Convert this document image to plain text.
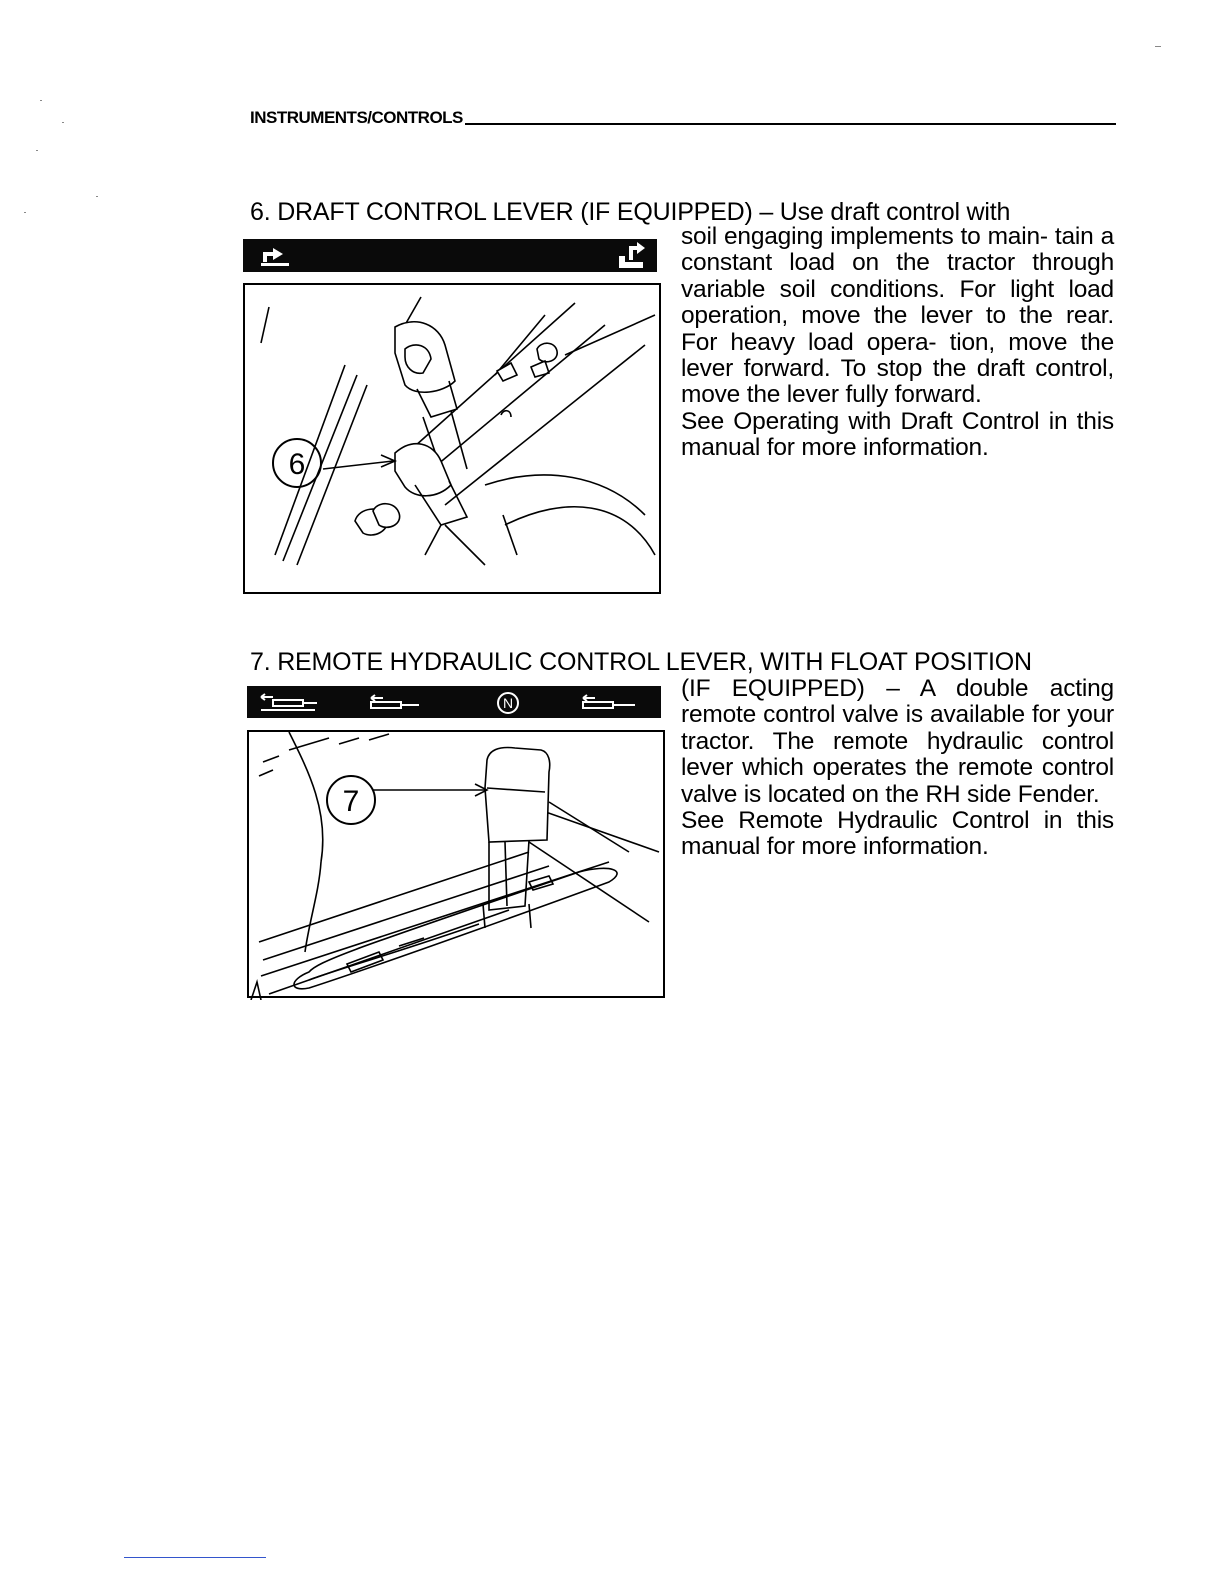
INSTRUMENTS/CONTROLS
6. DRAFT CONTROL LEVER (IF EQUIPPED) – Use draft control with
6

soil engaging implements to main- tain a constant load on the tractor through variable soil conditions. For light load operation, move the lever to the rear. For heavy load opera- tion, move the lever forward. To stop the draft control, move the lever fully forward.

See Operating with Draft Control in this manual for more information.

7. REMOTE HYDRAULIC CONTROL LEVER, WITH FLOAT POSITION
N
7

(IF EQUIPPED) – A double acting remote control valve is available for your tractor. The remote hydraulic control lever which operates the remote control valve is located on the RH side Fender.

See Remote Hydraulic Control in this manual for more information.
